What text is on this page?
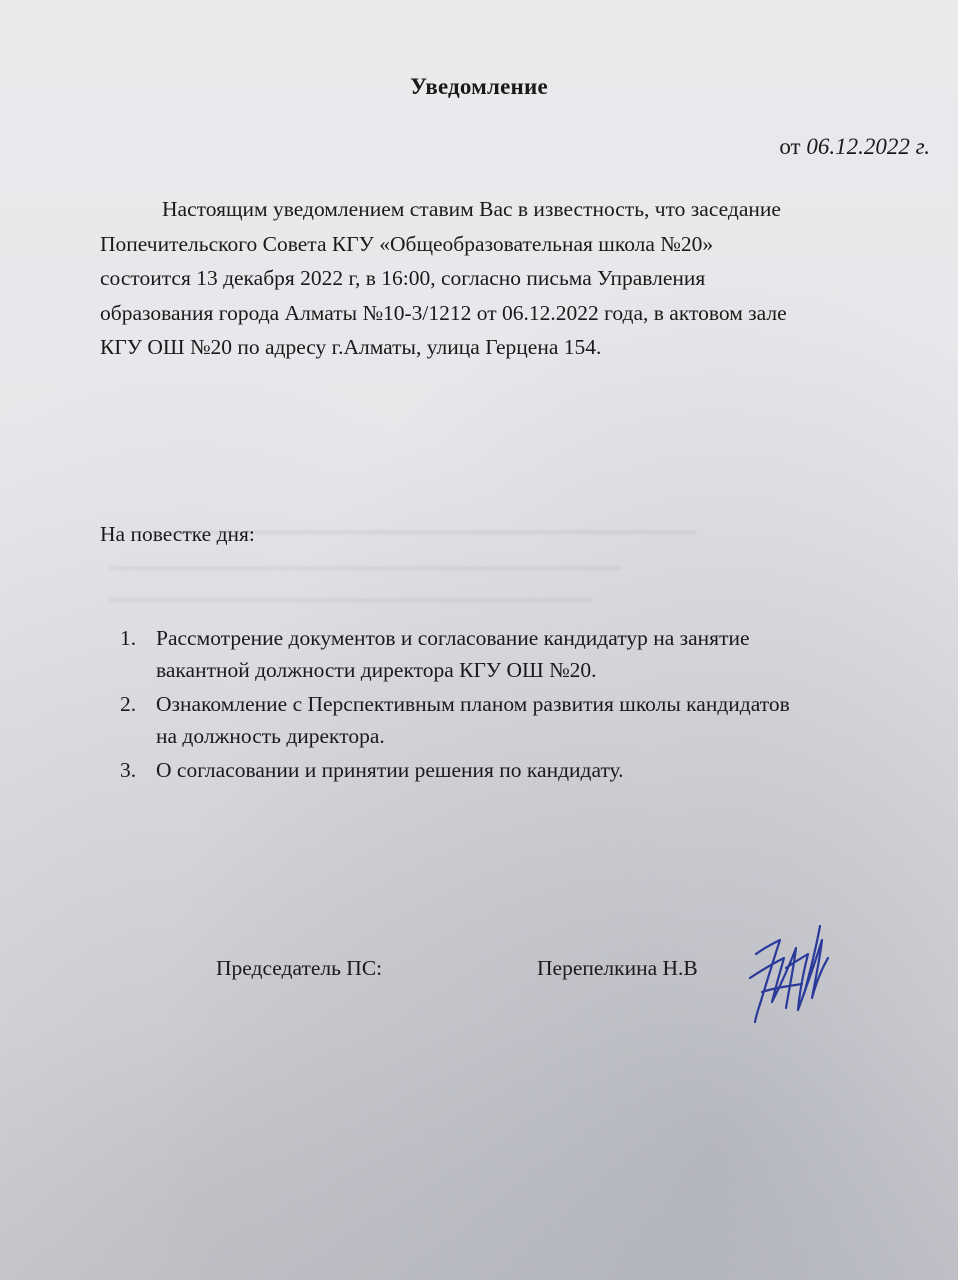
▁▁▁▁▁▁▁▁▁▁▁▁▁▁▁▁▁▁▁▁▁▁▁▁▁▁▁▁▁▁▁▁▁▁▁▁
▁▁▁▁▁▁▁▁▁▁▁▁▁▁▁▁▁▁▁▁▁▁▁▁▁▁▁▁▁▁▁▁▁▁▁
▁▁▁▁▁▁▁▁▁▁▁▁▁▁▁▁▁▁▁▁▁▁▁▁▁▁▁▁▁▁▁▁▁
Уведомление
от 06.12.2022 г.
Настоящим уведомлением ставим Вас в известность, что заседание
Попечительского Совета КГУ «Общеобразовательная школа №20»
состоится 13 декабря 2022 г, в 16:00, согласно письма Управления
образования города Алматы №10-3/1212 от 06.12.2022 года, в актовом зале
КГУ ОШ №20 по адресу г.Алматы, улица Герцена 154.
На повестке дня:
1. Рассмотрение документов и согласование кандидатур на занятие
вакантной должности директора КГУ ОШ №20.
2. Ознакомление с Перспективным планом развития школы кандидатов
на должность директора.
3. О согласовании и принятии решения по кандидату.
Председатель ПС:	Перепелкина Н.В
